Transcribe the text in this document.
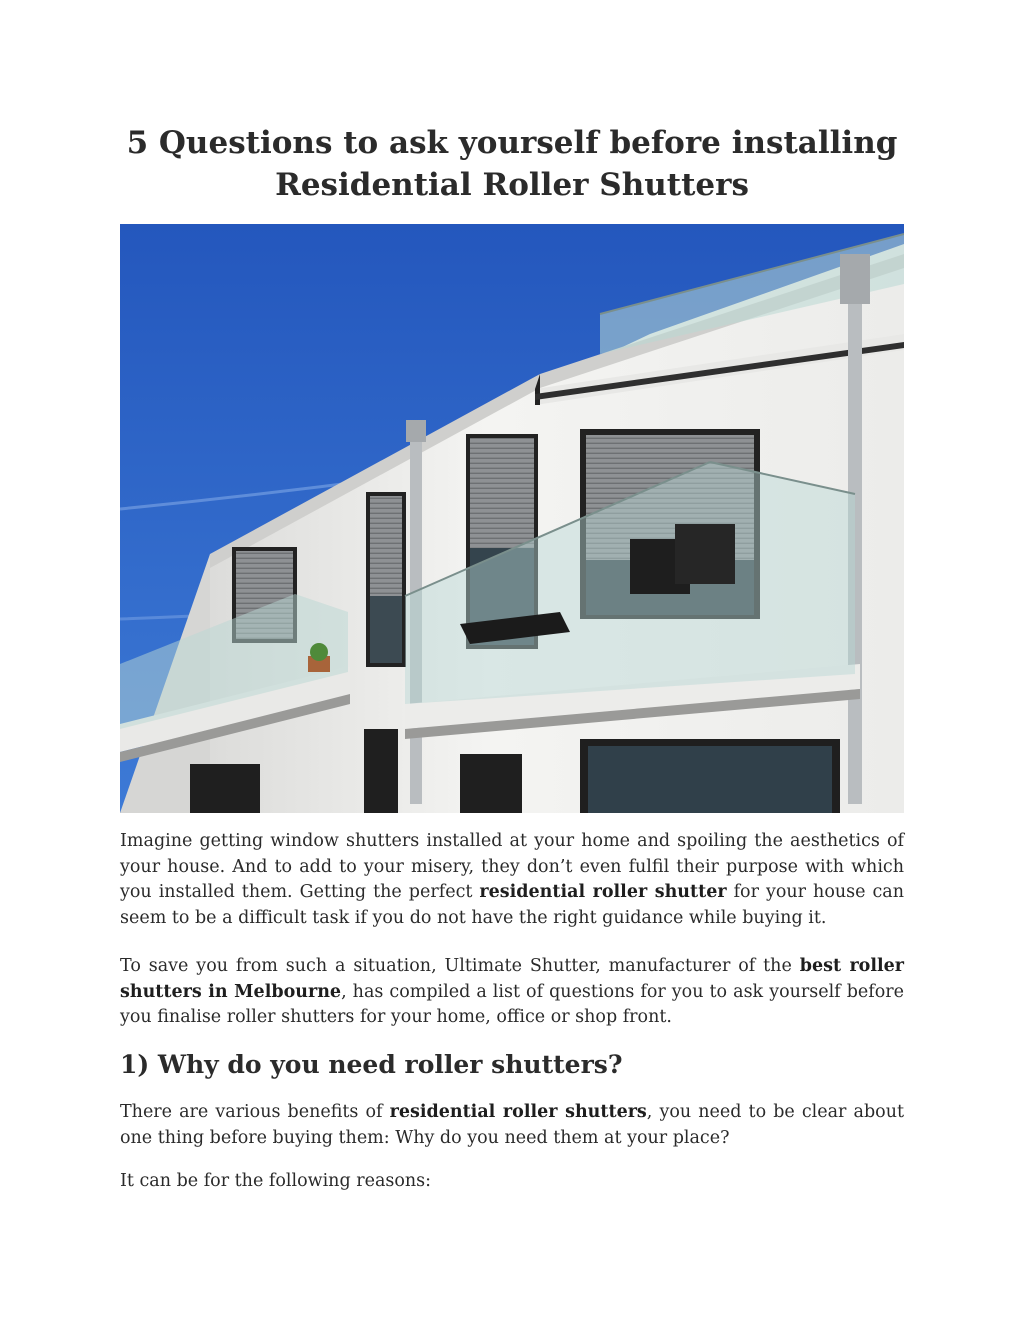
5 Questions to ask yourself before installing
Residential Roller Shutters

Imagine getting window shutters installed at your home and spoiling the aesthetics of your house. And to add to your misery, they don’t even fulfil their purpose with which you installed them. Getting the perfect residential roller shutter for your house can seem to be a difficult task if you do not have the right guidance while buying it.

To save you from such a situation, Ultimate Shutter, manufacturer of the best roller shutters in Melbourne, has compiled a list of questions for you to ask yourself before you finalise roller shutters for your home, office or shop front.

1) Why do you need roller shutters?

There are various benefits of residential roller shutters, you need to be clear about one thing before buying them: Why do you need them at your place?

It can be for the following reasons:
